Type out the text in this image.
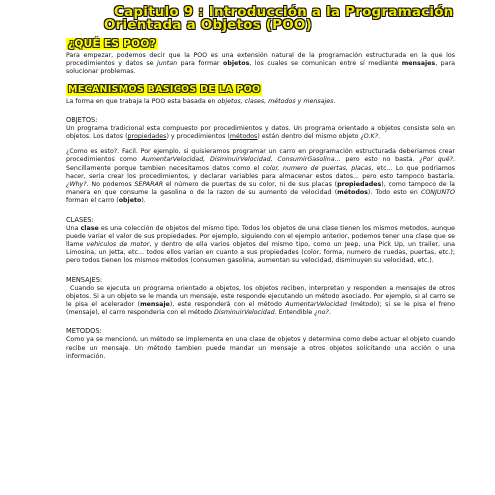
Capitulo 9 : Introducción a la Programación
Orientada a Objetos (POO)
¿QUÉ ES POO?

Para empezar, podemos decir que la POO es una extensión natural de la programación estructurada en la que los procedimientos y datos se juntan para formar objetos, los cuales se comunican entre sí mediante mensajes, para solucionar problemas.

MECANISMOS BASICOS DE LA POO

La forma en que trabaja la POO esta basada en objetos, clases, métodos y mensajes.

OBJETOS:

Un programa tradicional esta compuesto por procedimientos y datos. Un programa orientado a objetos consiste solo en objetos. Los datos (propiedades) y procedimientos (métodos) están dentro del mismo objeto ¿O.K?.

¿Como es esto?. Facil. Por ejemplo, si quisieramos programar un carro en programación estructurada deberiamos crear procedimientos como AumentarVelocidad, DisminuirVelocidad, ConsumirGasolina... pero esto no basta. ¿Por qué?. Sencillamente porque tambien necesitamos datos como el color, numero de puertas, placas, etc... Lo que podriamos hacer, seria crear los procedimientos, y declarar variables para almacenar estos datos... pero esto tampoco bastaría. ¿Why?. No podemos SEPARAR el número de puertas de su color, ni de sus placas (propiedades), como tampoco de la manera en que consume la gasolina o de la razon de su aumento de velocidad (métodos). Todo esto en CONJUNTO forman el carro (objeto).

CLASES:

Una clase es una colección de objetos del mismo tipo. Todos los objetos de una clase tienen los mismos metodos, aunque puede variar el valor de sus propiedades. Por ejemplo, siguiendo con el ejemplo anterior, podemos tener una clase que se llame vehiculos de motor, y dentro de ella varios objetos del mismo tipo, como un Jeep, una Pick Up, un trailer, una Limosina, un Jetta, etc... todos ellos varian en cuanto a sus propiedades (color, forma, numero de ruedas, puertas, etc.); pero todos tienen los mismos métodos (consumen gasolina, aumentan su velocidad, disminuyen su velocidad, etc.).

MENSAJES:

Cuando se ejecuta un programa orientado a objetos, los objetos reciben, interpretan y responden a mensajes de otros objetos. Si a un objeto se le manda un mensaje, este responde ejecutando un método asociado. Por ejemplo, si al carro se le pisa el acelerador (mensaje), este responderá con el método AumentarVelocidad (método); si se le pisa el freno (mensaje), el carro responderia con el método DisminuirVelocidad. Entendible ¿no?.

METODOS:

Como ya se mencionó, un método se implementa en una clase de objetos y determina como debe actuar el objeto cuando recibe un mensaje. Un método tambien puede mandar un mensaje a otros objetos solicitando una acción o una información.
